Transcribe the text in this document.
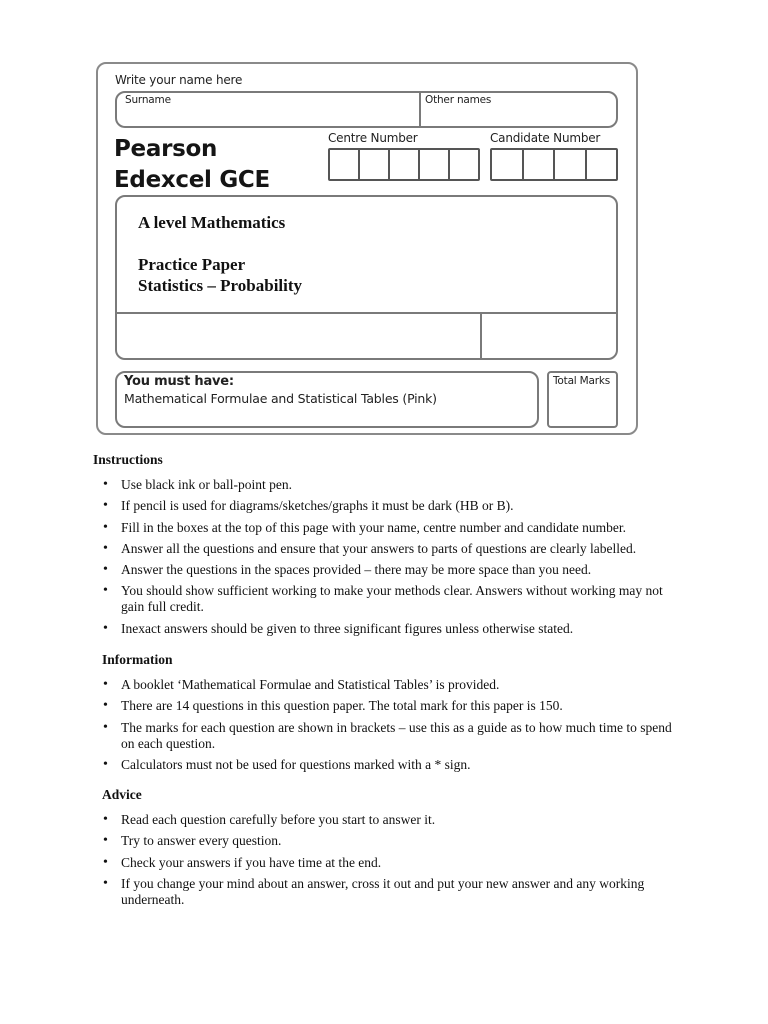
Write your name here
Surname	Other names
Pearson
Edexcel GCE
Centre Number	Candidate Number
A level Mathematics
Practice Paper
Statistics – Probability
You must have:
Mathematical Formulae and Statistical Tables (Pink)
Total Marks
Instructions
• Use black ink or ball-point pen.
• If pencil is used for diagrams/sketches/graphs it must be dark (HB or B).
• Fill in the boxes at the top of this page with your name, centre number and candidate number.
• Answer all the questions and ensure that your answers to parts of questions are clearly labelled.
• Answer the questions in the spaces provided – there may be more space than you need.
• You should show sufficient working to make your methods clear. Answers without working may not gain full credit.
• Inexact answers should be given to three significant figures unless otherwise stated.
Information
• A booklet ‘Mathematical Formulae and Statistical Tables’ is provided.
• There are 14 questions in this question paper. The total mark for this paper is 150.
• The marks for each question are shown in brackets – use this as a guide as to how much time to spend on each question.
• Calculators must not be used for questions marked with a * sign.
Advice
• Read each question carefully before you start to answer it.
• Try to answer every question.
• Check your answers if you have time at the end.
• If you change your mind about an answer, cross it out and put your new answer and any working underneath.
